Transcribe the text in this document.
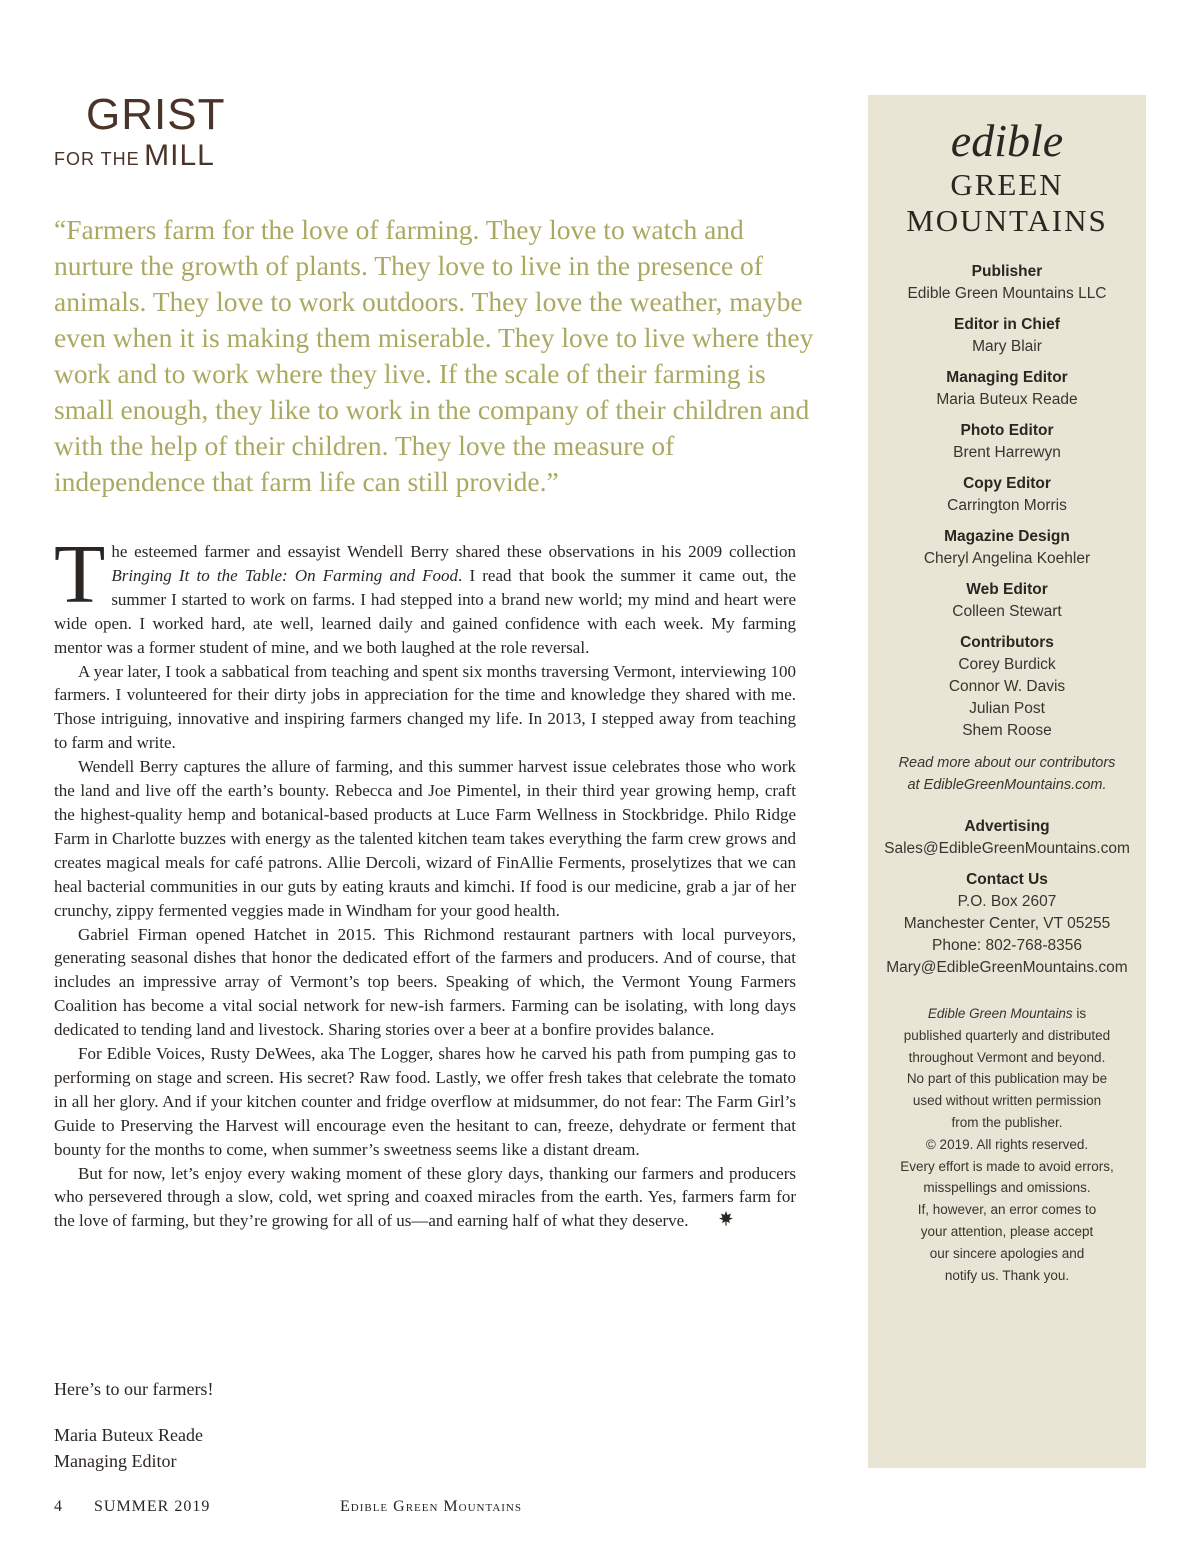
GRIST
FOR THE MILL

“Farmers farm for the love of farming. They love to watch and nurture the growth of plants. They love to live in the presence of animals. They love to work outdoors. They love the weather, maybe even when it is making them miserable. They love to live where they work and to work where they live. If the scale of their farming is small enough, they like to work in the company of their children and with the help of their children. They love the measure of independence that farm life can still provide.”

The esteemed farmer and essayist Wendell Berry shared these observations in his 2009 collection Bringing It to the Table: On Farming and Food. I read that book the summer it came out, the summer I started to work on farms. I had stepped into a brand new world; my mind and heart were wide open. I worked hard, ate well, learned daily and gained confidence with each week. My farming mentor was a former student of mine, and we both laughed at the role reversal.

A year later, I took a sabbatical from teaching and spent six months traversing Vermont, interviewing 100 farmers. I volunteered for their dirty jobs in appreciation for the time and knowledge they shared with me. Those intriguing, innovative and inspiring farmers changed my life. In 2013, I stepped away from teaching to farm and write.

Wendell Berry captures the allure of farming, and this summer harvest issue celebrates those who work the land and live off the earth’s bounty. Rebecca and Joe Pimentel, in their third year growing hemp, craft the highest-quality hemp and botanical-based products at Luce Farm Wellness in Stockbridge. Philo Ridge Farm in Charlotte buzzes with energy as the talented kitchen team takes everything the farm crew grows and creates magical meals for café patrons. Allie Dercoli, wizard of FinAllie Ferments, proselytizes that we can heal bacterial communities in our guts by eating krauts and kimchi. If food is our medicine, grab a jar of her crunchy, zippy fermented veggies made in Windham for your good health.

Gabriel Firman opened Hatchet in 2015. This Richmond restaurant partners with local purveyors, generating seasonal dishes that honor the dedicated effort of the farmers and producers. And of course, that includes an impressive array of Vermont’s top beers. Speaking of which, the Vermont Young Farmers Coalition has become a vital social network for new-ish farmers. Farming can be isolating, with long days dedicated to tending land and livestock. Sharing stories over a beer at a bonfire provides balance.

For Edible Voices, Rusty DeWees, aka The Logger, shares how he carved his path from pumping gas to performing on stage and screen. His secret? Raw food. Lastly, we offer fresh takes that celebrate the tomato in all her glory. And if your kitchen counter and fridge overflow at midsummer, do not fear: The Farm Girl’s Guide to Preserving the Harvest will encourage even the hesitant to can, freeze, dehydrate or ferment that bounty for the months to come, when summer’s sweetness seems like a distant dream.

But for now, let’s enjoy every waking moment of these glory days, thanking our farmers and producers who persevered through a slow, cold, wet spring and coaxed miracles from the earth. Yes, farmers farm for the love of farming, but they’re growing for all of us—and earning half of what they deserve.

Here’s to our farmers!

Maria Buteux Reade

Managing Editor

4 SUMMER 2019	Edible Green Mountains
edible
GREEN
MOUNTAINS
Publisher
Edible Green Mountains LLC
Editor in Chief
Mary Blair
Managing Editor
Maria Buteux Reade
Photo Editor
Brent Harrewyn
Copy Editor
Carrington Morris
Magazine Design
Cheryl Angelina Koehler
Web Editor
Colleen Stewart
Contributors
Corey Burdick
Connor W. Davis
Julian Post
Shem Roose
Read more about our contributors
at EdibleGreenMountains.com.
Advertising
Sales@EdibleGreenMountains.com
Contact Us
P.O. Box 2607
Manchester Center, VT 05255
Phone: 802-768-8356
Mary@EdibleGreenMountains.com
Edible Green Mountains is
published quarterly and distributed
throughout Vermont and beyond.
No part of this publication may be
used without written permission
from the publisher.
© 2019. All rights reserved.
Every effort is made to avoid errors,
misspellings and omissions.
If, however, an error comes to
your attention, please accept
our sincere apologies and
notify us. Thank you.
